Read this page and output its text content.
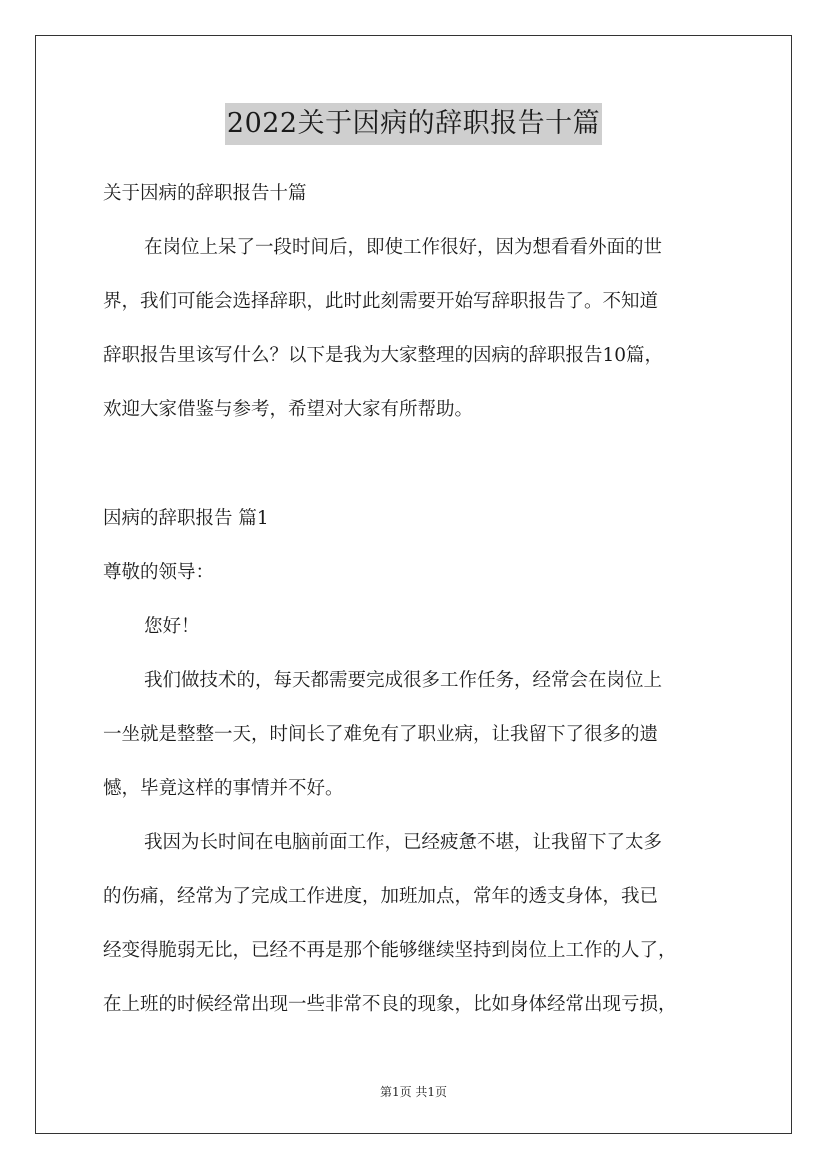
2022关于因病的辞职报告十篇
关于因病的辞职报告十篇
在岗位上呆了一段时间后，即使工作很好，因为想看看外面的世
界，我们可能会选择辞职，此时此刻需要开始写辞职报告了。不知道
辞职报告里该写什么？以下是我为大家整理的因病的辞职报告10篇，
欢迎大家借鉴与参考，希望对大家有所帮助。
因病的辞职报告 篇1
尊敬的领导：
您好！
我们做技术的，每天都需要完成很多工作任务，经常会在岗位上
一坐就是整整一天，时间长了难免有了职业病，让我留下了很多的遗
憾，毕竟这样的事情并不好。
我因为长时间在电脑前面工作，已经疲惫不堪，让我留下了太多
的伤痛，经常为了完成工作进度，加班加点，常年的透支身体，我已
经变得脆弱无比，已经不再是那个能够继续坚持到岗位上工作的人了，
在上班的时候经常出现一些非常不良的现象，比如身体经常出现亏损，
第1页 共1页
